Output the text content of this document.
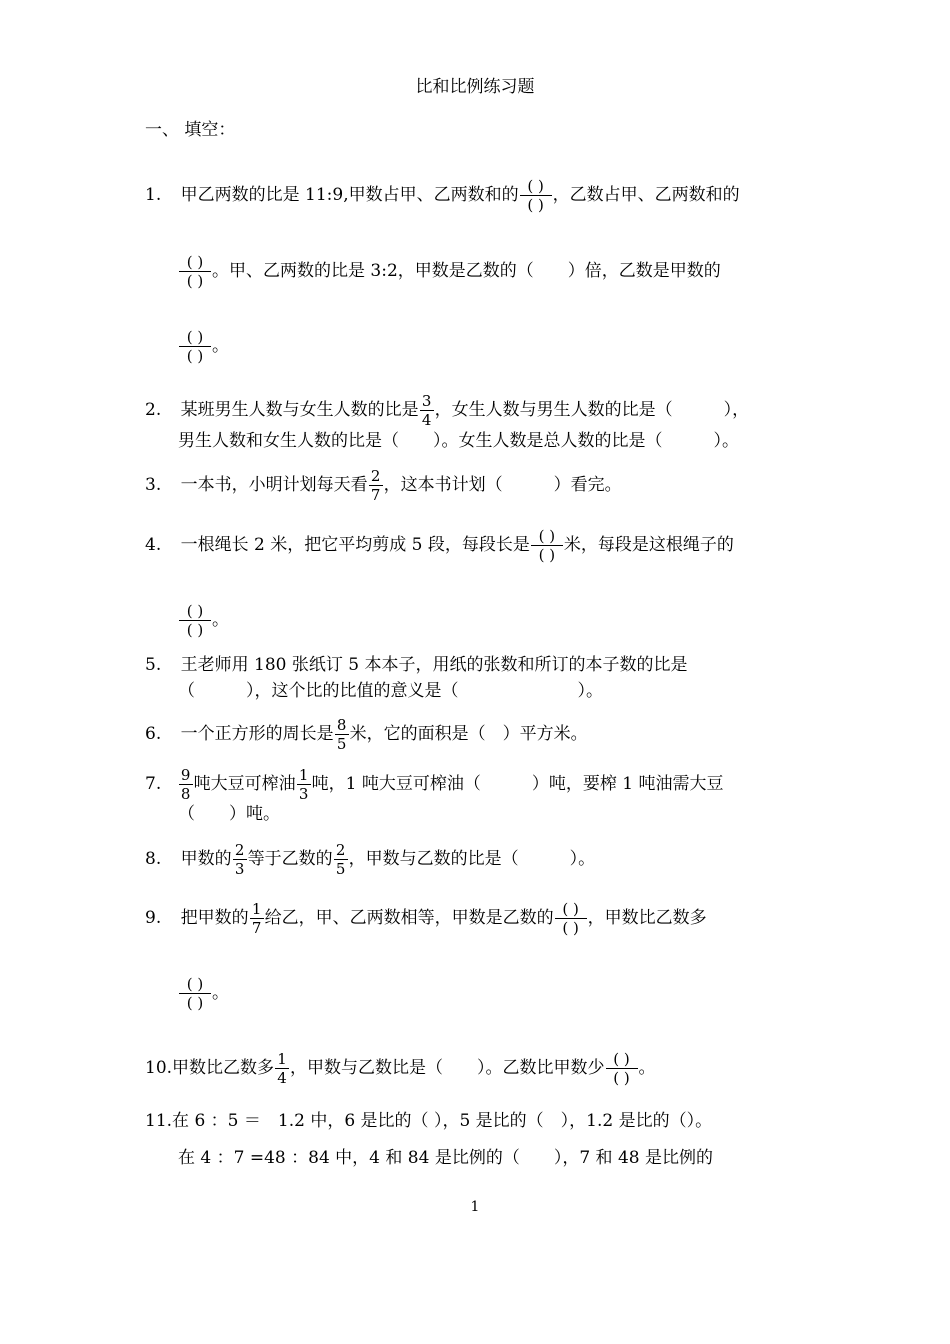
比和比例练习题
一、 填空：
1. 甲乙两数的比是 11:9,甲数占甲、乙两数和的 $\frac{( )}{( )}$ ，乙数占甲、乙两数和的
$\frac{( )}{( )}$ 。甲、乙两数的比是 3:2，甲数是乙数的（　　）倍，乙数是甲数的
$\frac{( )}{( )}$ 。
2. 某班男生人数与女生人数的比是 $\frac{3}{4}$ ，女生人数与男生人数的比是（　　　），
男生人数和女生人数的比是（　　）。女生人数是总人数的比是（　　　）。
3. 一本书，小明计划每天看 $\frac{2}{7}$ ，这本书计划（　　　）看完。
4. 一根绳长 2 米，把它平均剪成 5 段，每段长是 $\frac{( )}{( )}$ 米，每段是这根绳子的
$\frac{( )}{( )}$ 。
5. 王老师用 180 张纸订 5 本本子，用纸的张数和所订的本子数的比是
（　　　），这个比的比值的意义是（　　　　　　　）。
6. 一个正方形的周长是 $\frac{8}{5}$ 米，它的面积是（　）平方米。
7. $\frac{9}{8}$ 吨大豆可榨油 $\frac{1}{3}$ 吨，1 吨大豆可榨油（　　　）吨，要榨 1 吨油需大豆
（　　）吨。
8. 甲数的 $\frac{2}{3}$ 等于乙数的 $\frac{2}{5}$ ，甲数与乙数的比是（　　　）。
9. 把甲数的 $\frac{1}{7}$ 给乙，甲、乙两数相等，甲数是乙数的 $\frac{( )}{( )}$ ，甲数比乙数多
$\frac{( )}{( )}$ 。
10.甲数比乙数多 $\frac{1}{4}$ ，甲数与乙数比是（　　）。乙数比甲数少 $\frac{( )}{( )}$ 。
11.在 6 ：5 ＝　1.2 中，6 是比的（ ），5 是比的（　），1.2 是比的（）。
在 4 ：7 =48 ：84 中，4 和 84 是比例的（　　），7 和 48 是比例的
1
